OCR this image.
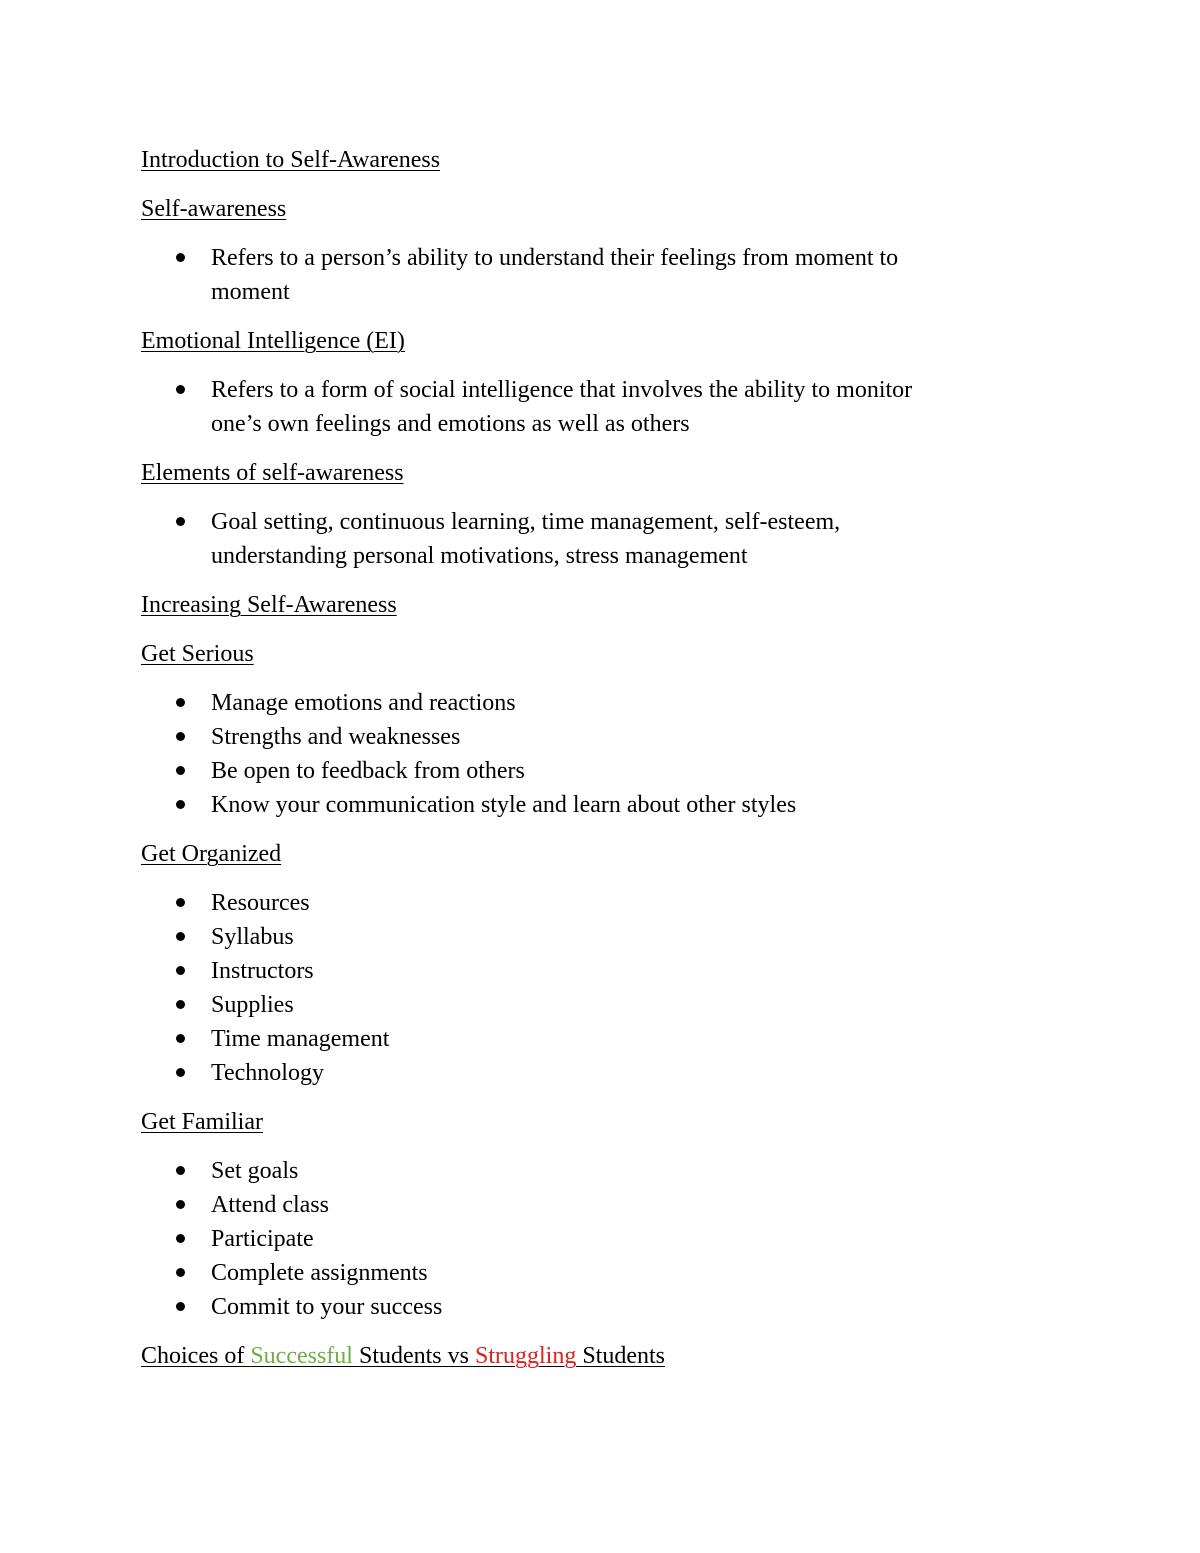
Introduction to Self-Awareness
Self-awareness
Refers to a person’s ability to understand their feelings from moment to moment
Emotional Intelligence (EI)
Refers to a form of social intelligence that involves the ability to monitor one’s own feelings and emotions as well as others
Elements of self-awareness
Goal setting, continuous learning, time management, self-esteem, understanding personal motivations, stress management
Increasing Self-Awareness
Get Serious
Manage emotions and reactions
Strengths and weaknesses
Be open to feedback from others
Know your communication style and learn about other styles
Get Organized
Resources
Syllabus
Instructors
Supplies
Time management
Technology
Get Familiar
Set goals
Attend class
Participate
Complete assignments
Commit to your success
Choices of Successful Students vs Struggling Students
